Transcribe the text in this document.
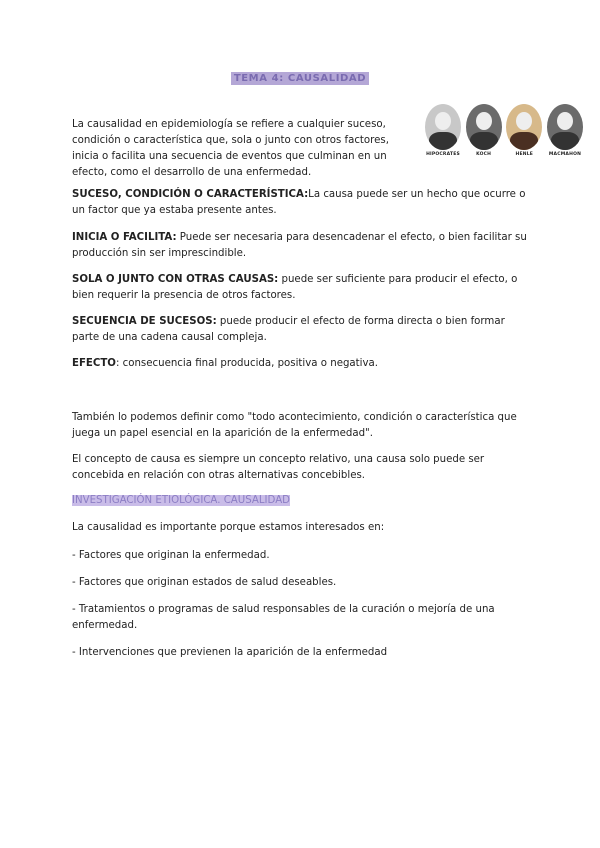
TEMA 4: CAUSALIDAD

La causalidad en epidemiología se refiere a cualquier suceso, condición o característica que, sola o junto con otros factores, inicia o facilita una secuencia de eventos que culminan en un efecto, como el desarrollo de una enfermedad.

HIPOCRATES	KOCH	HENLE	MACMAHON

SUCESO, CONDICIÓN O CARACTERÍSTICA:La causa puede ser un hecho que ocurre o un factor que ya estaba presente antes.

INICIA O FACILITA: Puede ser necesaria para desencadenar el efecto, o bien facilitar su producción sin ser imprescindible.

SOLA O JUNTO CON OTRAS CAUSAS: puede ser suficiente para producir el efecto, o bien requerir la presencia de otros factores.

SECUENCIA DE SUCESOS: puede producir el efecto de forma directa o bien formar parte de una cadena causal compleja.

EFECTO: consecuencia final producida, positiva o negativa.

También lo podemos definir como "todo acontecimiento, condición o característica que juega un papel esencial en la aparición de la enfermedad".

El concepto de causa es siempre un concepto relativo, una causa solo puede ser concebida en relación con otras alternativas concebibles.

INVESTIGACIÓN ETIOLÓGICA. CAUSALIDAD

La causalidad es importante porque estamos interesados en:

- Factores que originan la enfermedad.

- Factores que originan estados de salud deseables.

- Tratamientos o programas de salud responsables de la curación o mejoría de una enfermedad.

- Intervenciones que previenen la aparición de la enfermedad
